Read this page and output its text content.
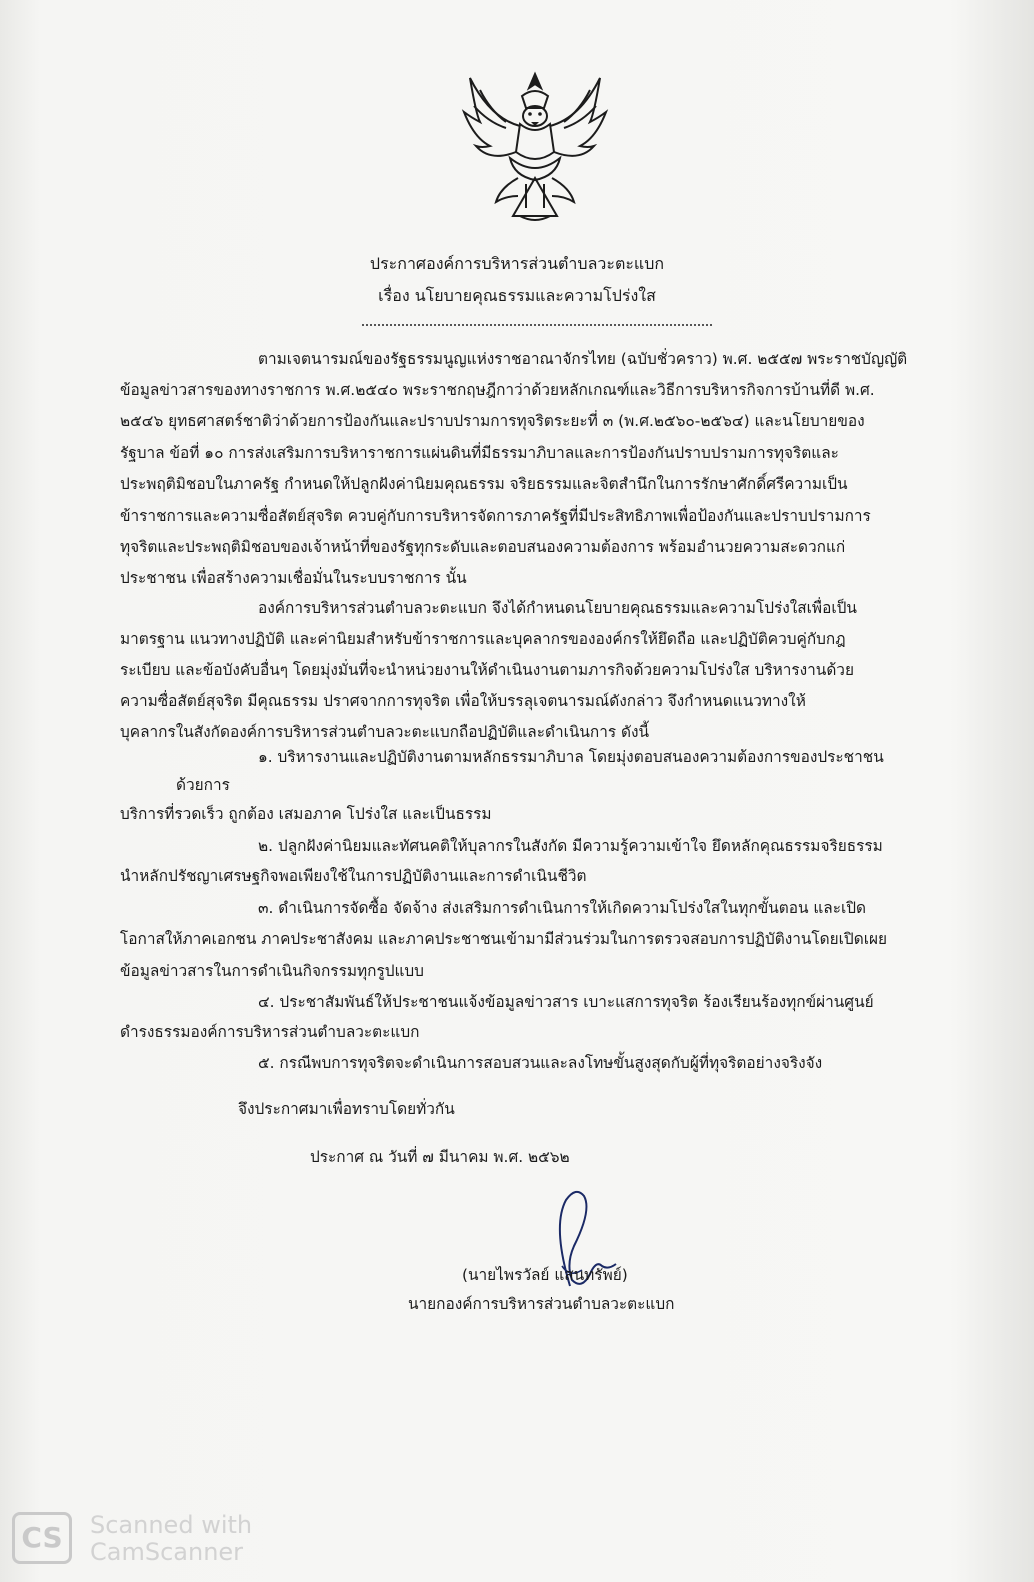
ประกาศองค์การบริหารส่วนตำบลวะตะแบก
เรื่อง นโยบายคุณธรรมและความโปร่งใส
ตามเจตนารมณ์ของรัฐธรรมนูญแห่งราชอาณาจักรไทย (ฉบับชั่วคราว) พ.ศ. ๒๕๕๗ พระราชบัญญัติ
ข้อมูลข่าวสารของทางราชการ พ.ศ.๒๕๔๐ พระราชกฤษฎีกาว่าด้วยหลักเกณฑ์และวิธีการบริหารกิจการบ้านที่ดี พ.ศ.
๒๕๔๖ ยุทธศาสตร์ชาติว่าด้วยการป้องกันและปราบปรามการทุจริตระยะที่ ๓ (พ.ศ.๒๕๖๐-๒๕๖๔) และนโยบายของ
รัฐบาล ข้อที่ ๑๐ การส่งเสริมการบริหาราชการแผ่นดินที่มีธรรมาภิบาลและการป้องกันปราบปรามการทุจริตและ
ประพฤติมิชอบในภาครัฐ กำหนดให้ปลูกฝังค่านิยมคุณธรรม จริยธรรมและจิตสำนึกในการรักษาศักดิ์ศรีความเป็น
ข้าราชการและความซื่อสัตย์สุจริต ควบคู่กับการบริหารจัดการภาครัฐที่มีประสิทธิภาพเพื่อป้องกันและปราบปรามการ
ทุจริตและประพฤติมิชอบของเจ้าหน้าที่ของรัฐทุกระดับและตอบสนองความต้องการ พร้อมอำนวยความสะดวกแก่
ประชาชน เพื่อสร้างความเชื่อมั่นในระบบราชการ นั้น
องค์การบริหารส่วนตำบลวะตะแบก จึงได้กำหนดนโยบายคุณธรรมและความโปร่งใสเพื่อเป็น
มาตรฐาน แนวทางปฏิบัติ และค่านิยมสำหรับข้าราชการและบุคลากรขององค์กรให้ยึดถือ และปฏิบัติควบคู่กับกฎ
ระเบียบ และข้อบังคับอื่นๆ โดยมุ่งมั่นที่จะนำหน่วยงานให้ดำเนินงานตามภารกิจด้วยความโปร่งใส บริหารงานด้วย
ความซื่อสัตย์สุจริต มีคุณธรรม ปราศจากการทุจริต เพื่อให้บรรลุเจตนารมณ์ดังกล่าว จึงกำหนดแนวทางให้
บุคลากรในสังกัดองค์การบริหารส่วนตำบลวะตะแบกถือปฏิบัติและดำเนินการ ดังนี้
๑. บริหารงานและปฏิบัติงานตามหลักธรรมาภิบาล โดยมุ่งตอบสนองความต้องการของประชาชน
ด้วยการ
บริการที่รวดเร็ว ถูกต้อง เสมอภาค โปร่งใส และเป็นธรรม
๒. ปลูกฝังค่านิยมและทัศนคติให้บุลากรในสังกัด มีความรู้ความเข้าใจ ยึดหลักคุณธรรมจริยธรรม
นำหลักปรัชญาเศรษฐกิจพอเพียงใช้ในการปฏิบัติงานและการดำเนินชีวิต
๓. ดำเนินการจัดซื้อ จัดจ้าง ส่งเสริมการดำเนินการให้เกิดความโปร่งใสในทุกขั้นตอน และเปิด
โอกาสให้ภาคเอกชน ภาคประชาสังคม และภาคประชาชนเข้ามามีส่วนร่วมในการตรวจสอบการปฏิบัติงานโดยเปิดเผย
ข้อมูลข่าวสารในการดำเนินกิจกรรมทุกรูปแบบ
๔. ประชาสัมพันธ์ให้ประชาชนแจ้งข้อมูลข่าวสาร เบาะแสการทุจริต ร้องเรียนร้องทุกข์ผ่านศูนย์
ดำรงธรรมองค์การบริหารส่วนตำบลวะตะแบก
๕. กรณีพบการทุจริตจะดำเนินการสอบสวนและลงโทษขั้นสูงสุดกับผู้ที่ทุจริตอย่างจริงจัง
จึงประกาศมาเพื่อทราบโดยทั่วกัน
ประกาศ ณ วันที่ ๗ มีนาคม พ.ศ. ๒๕๖๒
(นายไพรวัลย์ แสนทรัพย์)
นายกองค์การบริหารส่วนตำบลวะตะแบก
CS	Scanned with
CamScanner
